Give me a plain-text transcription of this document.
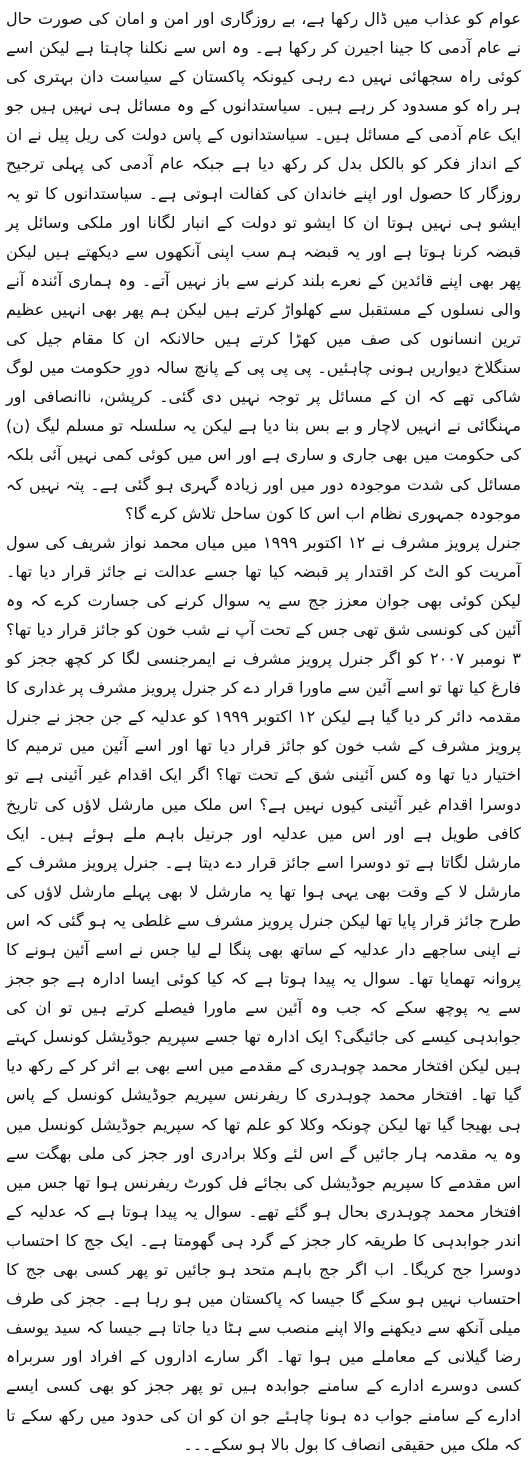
عوام کو عذاب میں ڈال رکھا ہے، بے روزگاری اور امن و امان کی صورت حال نے عام آدمی کا جینا اجیرن کر رکھا ہے۔ وہ اس سے نکلنا چاہتا ہے لیکن اسے کوئی راہ سجھائی نہیں دے رہی کیونکہ پاکستان کے سیاست دان بہتری کی ہر راہ کو مسدود کر رہے ہیں۔ سیاستدانوں کے وہ مسائل ہی نہیں ہیں جو ایک عام آدمی کے مسائل ہیں۔ سیاستدانوں کے پاس دولت کی ریل پیل نے ان کے انداز فکر کو بالکل بدل کر رکھ دیا ہے جبکہ عام آدمی کی پہلی ترجیح روزگار کا حصول اور اپنے خاندان کی کفالت اہوتی ہے۔ سیاستدانوں کا تو یہ ایشو ہی نہیں ہوتا ان کا ایشو تو دولت کے انبار لگانا اور ملکی وسائل پر قبضہ کرنا ہوتا ہے اور یہ قبضہ ہم سب اپنی آنکھوں سے دیکھتے ہیں لیکن پھر بھی اپنے قائدین کے نعرے بلند کرنے سے باز نہیں آتے۔ وہ ہماری آئندہ آنے والی نسلوں کے مستقبل سے کھلواڑ کرتے ہیں لیکن ہم پھر بھی انہیں عظیم ترین انسانوں کی صف میں کھڑا کرتے ہیں حالانکہ ان کا مقام جیل کی سنگلاخ دیواریں ہونی چاہئیں۔ پی پی پی کے پانچ سالہ دورِ حکومت میں لوگ شاکی تھے کہ ان کے مسائل پر توجہ نہیں دی گئی۔ کرپشن، ناانصافی اور مہنگائی نے انہیں لاچار و بے بس بنا دیا ہے لیکن یہ سلسلہ تو مسلم لیگ (ن) کی حکومت میں بھی جاری و ساری ہے اور اس میں کوئی کمی نہیں آئی بلکہ مسائل کی شدت موجودہ دور میں اور زیادہ گہری ہو گئی ہے۔ پتہ نہیں کہ موجودہ جمہوری نظام اب اس کا کون ساحل تلاش کرے گا؟

جنرل پرویز مشرف نے ۱۲ اکتوبر ۱۹۹۹ میں میاں محمد نواز شریف کی سول آمریت کو الٹ کر اقتدار پر قبضہ کیا تھا جسے عدالت نے جائز قرار دیا تھا۔ لیکن کوئی بھی جوان معزز جج سے یہ سوال کرنے کی جسارت کرے کہ وہ آئین کی کونسی شق تھی جس کے تحت آپ نے شب خون کو جائز قرار دیا تھا؟ ۳ نومبر ۲۰۰۷ کو اگر جنرل پرویز مشرف نے ایمرجنسی لگا کر کچھ ججز کو فارغ کیا تھا تو اسے آئین سے ماورا قرار دے کر جنرل پرویز مشرف پر غداری کا مقدمہ دائر کر دیا گیا ہے لیکن ۱۲ اکتوبر ۱۹۹۹ کو عدلیہ کے جن ججز نے جنرل پرویز مشرف کے شب خون کو جائز قرار دیا تھا اور اسے آئین میں ترمیم کا اختیار دیا تھا وہ کس آئینی شق کے تحت تھا؟ اگر ایک اقدام غیر آئینی ہے تو دوسرا اقدام غیر آئینی کیوں نہیں ہے؟ اس ملک میں مارشل لاؤں کی تاریخ کافی طویل ہے اور اس میں عدلیہ اور جرنیل باہم ملے ہوئے ہیں۔ ایک مارشل لگاتا ہے تو دوسرا اسے جائز قرار دے دیتا ہے۔ جنرل پرویز مشرف کے مارشل لا کے وقت بھی یہی ہوا تھا یہ مارشل لا بھی پہلے مارشل لاؤں کی طرح جائز قرار پایا تھا لیکن جنرل پرویز مشرف سے غلطی یہ ہو گئی کہ اس نے اپنی ساجھے دار عدلیہ کے ساتھ بھی پنگا لے لیا جس نے اسے آئین ہونے کا پروانہ تھمایا تھا۔ سوال یہ پیدا ہوتا ہے کہ کیا کوئی ایسا ادارہ ہے جو ججز سے یہ پوچھ سکے کہ جب وہ آئین سے ماورا فیصلے کرتے ہیں تو ان کی جوابدہی کیسے کی جائیگی؟ ایک ادارہ تھا جسے سپریم جوڈیشل کونسل کہتے ہیں لیکن افتخار محمد چوہدری کے مقدمے میں اسے بھی بے اثر کر کے رکھ دیا گیا تھا۔ افتخار محمد چوہدری کا ریفرنس سپریم جوڈیشل کونسل کے پاس ہی بھیجا گیا تھا لیکن چونکہ وکلا کو علم تھا کہ سپریم جوڈیشل کونسل میں وہ یہ مقدمہ ہار جائیں گے اس لئے وکلا برادری اور ججز کی ملی بھگت سے اس مقدمے کا سپریم جوڈیشل کی بجائے فل کورٹ ریفرنس ہوا تھا جس میں افتخار محمد چوہدری بحال ہو گئے تھے۔ سوال یہ پیدا ہوتا ہے کہ عدلیہ کے اندر جوابدہی کا طریقہ کار ججز کے گرد ہی گھومتا ہے۔ ایک جج کا احتساب دوسرا جج کریگا۔ اب اگر جج باہم متحد ہو جائیں تو پھر کسی بھی جج کا احتساب نہیں ہو سکے گا جیسا کہ پاکستان میں ہو رہا ہے۔ ججز کی طرف میلی آنکھ سے دیکھنے والا اپنے منصب سے ہٹا دیا جاتا ہے جیسا کہ سید یوسف رضا گیلانی کے معاملے میں ہوا تھا۔ اگر سارے اداروں کے افراد اور سربراہ کسی دوسرے ادارے کے سامنے جوابدہ ہیں تو پھر ججز کو بھی کسی ایسے ادارے کے سامنے جواب دہ ہونا چاہئے جو ان کو ان کی حدود میں رکھ سکے تا کہ ملک میں حقیقی انصاف کا بول بالا ہو سکے۔۔۔
